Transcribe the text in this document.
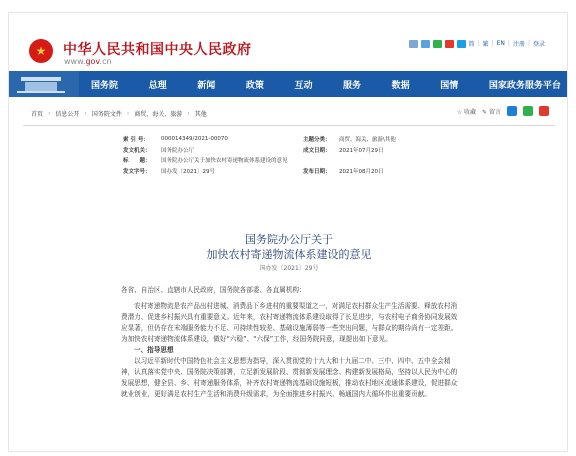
★ 中华人民共和国中央人民政府
www.gov.cn
简 | 繁 | EN | 注册 | 登录
国务院	总理	新闻	政策	互动	服务	数据	国情	国家政务服务平台
首页 › 信息公开 › 国务院文件 › 商贸、海关、旅游 › 其他	☆ 收藏 ✎ 留言
索 引 号：	000014349/2021-00070	主题分类：	商贸、海关、旅游\其他
发文机关：	国务院办公厅	成文日期：	2021年07月29日
标　　题：	国务院办公厅关于加快农村寄递物流体系建设的意见
发文字号：	国办发〔2021〕29号	发布日期：	2021年08月20日
国务院办公厅关于
加快农村寄递物流体系建设的意见
国办发〔2021〕29号

各省、自治区、直辖市人民政府，国务院各部委、各直属机构：

农村寄递物流是农产品出村进城、消费品下乡进村的重要渠道之一，对满足农村群众生产生活需要、释放农村消费潜力、促进乡村振兴具有重要意义。近年来，农村寄递物流体系建设取得了长足进步，与农村电子商务协同发展效应显著，但仍存在末端服务能力不足、可持续性较差、基础设施薄弱等一些突出问题，与群众的期待尚有一定差距。为加快农村寄递物流体系建设，做好“六稳”、“六保”工作，经国务院同意，现提出如下意见。

一、指导思想

以习近平新时代中国特色社会主义思想为指导，深入贯彻党的十九大和十九届二中、三中、四中、五中全会精神，认真落实党中央、国务院决策部署，立足新发展阶段、贯彻新发展理念、构建新发展格局，坚持以人民为中心的发展思想，健全县、乡、村寄递服务体系，补齐农村寄递物流基础设施短板，推动农村地区流通体系建设，促进群众就业创业，更好满足农村生产生活和消费升级需求，为全面推进乡村振兴、畅通国内大循环作出重要贡献。
